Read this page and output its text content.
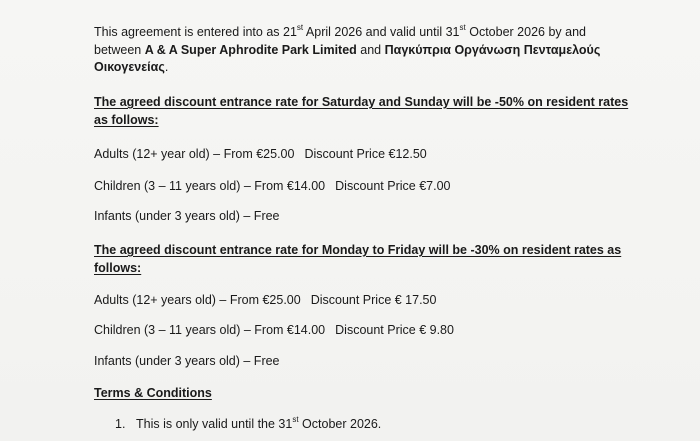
This agreement is entered into as 21st April 2026 and valid until 31st October 2026 by and
between A & A Super Aphrodite Park Limited and Παγκύπρια Οργάνωση Πενταμελούς
Οικογενείας.
The agreed discount entrance rate for Saturday and Sunday will be -50% on resident rates
as follows:
Adults (12+ year old) – From €25.00 Discount Price €12.50
Children (3 – 11 years old) – From €14.00 Discount Price €7.00
Infants (under 3 years old) – Free
The agreed discount entrance rate for Monday to Friday will be -30% on resident rates as
follows:
Adults (12+ years old) – From €25.00 Discount Price € 17.50
Children (3 – 11 years old) – From €14.00 Discount Price € 9.80
Infants (under 3 years old) – Free
Terms & Conditions
1. This is only valid until the 31st October 2026.
